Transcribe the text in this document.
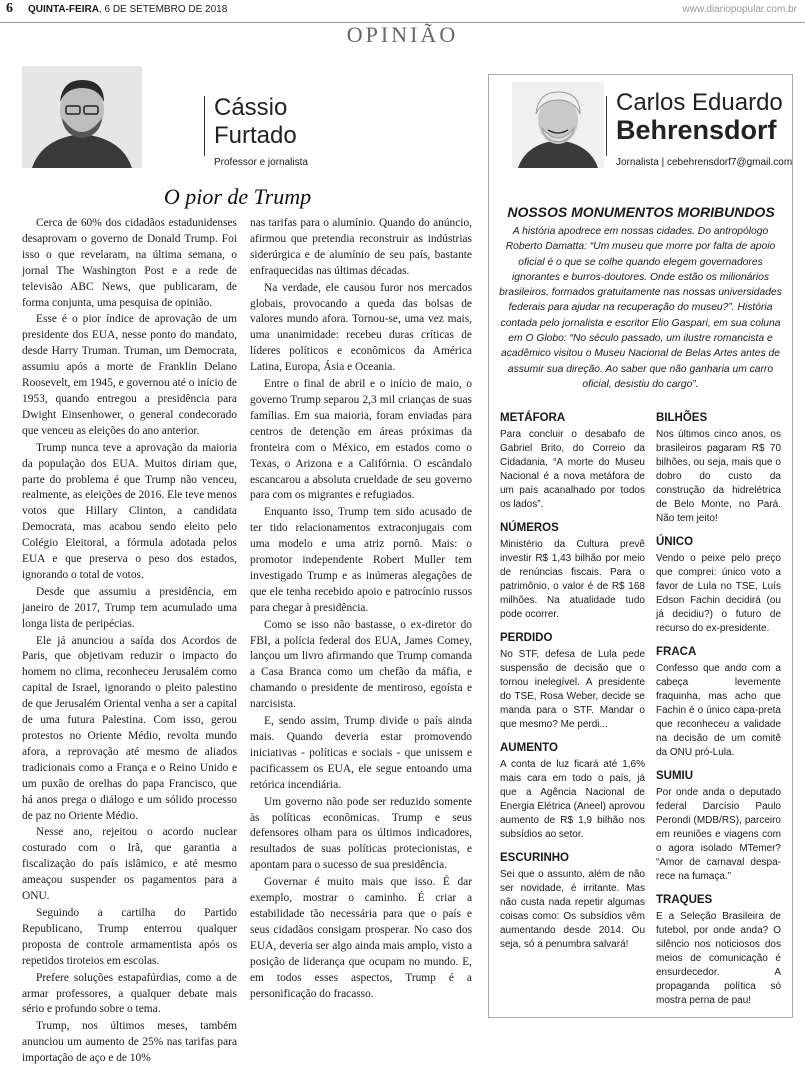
6 QUINTA-FEIRA, 6 DE SETEMBRO DE 2018	www.diariopopular.com.br
OPINIÃO
Cássio
Furtado
Professor e jornalista
O pior de Trump

Cerca de 60% dos cidadãos estadunidenses desaprovam o governo de Donald Trump. Foi isso o que revelaram, na última semana, o jornal The Washington Post e a rede de televisão ABC News, que publicaram, de forma conjunta, uma pesquisa de opinião.

Esse é o pior índice de aprovação de um presidente dos EUA, nesse ponto do mandato, desde Harry Truman. Truman, um Democrata, assumiu após a morte de Franklin Delano Roosevelt, em 1945, e governou até o início de 1953, quando entregou a presidência para Dwight Einsenhower, o general condecorado que venceu as eleições do ano anterior.

Trump nunca teve a aprovação da maioria da população dos EUA. Muitos diriam que, parte do problema é que Trump não venceu, realmente, as eleições de 2016. Ele teve menos votos que Hillary Clinton, a candidata Democrata, mas acabou sendo eleito pelo Colégio Eleitoral, a fórmula adotada pelos EUA e que preserva o peso dos estados, ignorando o total de votos.

Desde que assumiu a presidência, em janeiro de 2017, Trump tem acumulado uma longa lista de peripécias.

Ele já anunciou a saída dos Acordos de Paris, que objetivam reduzir o impacto do homem no clima, reconheceu Jerusalém como capital de Israel, ignorando o pleito palestino de que Jerusalém Oriental venha a ser a capital de uma futura Palestina. Com isso, gerou protestos no Oriente Médio, revolta mundo afora, a reprovação até mesmo de aliados tradicionais como a França e o Reino Unido e um puxão de orelhas do papa Francisco, que há anos prega o diálogo e um sólido processo de paz no Oriente Médio.

Nesse ano, rejeitou o acordo nuclear costurado com o Irã, que garantia a fiscalização do país islâmico, e até mesmo ameaçou suspender os pagamentos para a ONU.

Seguindo a cartilha do Partido Republicano, Trump enterrou qualquer proposta de controle armamentista após os repetidos tiroteios em escolas.

Prefere soluções estapafúrdias, como a de armar professores, a qualquer debate mais sério e profundo sobre o tema.

Trump, nos últimos meses, também anunciou um aumento de 25% nas tarifas para importação de aço e de 10%

nas tarifas para o alumínio. Quando do anúncio, afirmou que pretendia reconstruir as indústrias siderúrgica e de alumínio de seu país, bastante enfraquecidas nas últimas décadas.

Na verdade, ele causou furor nos mercados globais, provocando a queda das bolsas de valores mundo afora. Tornou-se, uma vez mais, uma unanimidade: recebeu duras críticas de líderes políticos e econômicos da América Latina, Europa, Ásia e Oceania.

Entre o final de abril e o início de maio, o governo Trump separou 2,3 mil crianças de suas famílias. Em sua maioria, foram enviadas para centros de detenção em áreas próximas da fronteira com o México, em estados como o Texas, o Arizona e a Califórnia. O escândalo escancarou a absoluta crueldade de seu governo para com os migrantes e refugiados.

Enquanto isso, Trump tem sido acusado de ter tido relacionamentos extraconjugais com uma modelo e uma atriz pornô. Mais: o promotor independente Robert Muller tem investigado Trump e as inúmeras alegações de que ele tenha recebido apoio e patrocínio russos para chegar à presidência.

Como se isso não bastasse, o ex-diretor do FBI, a polícia federal dos EUA, James Comey, lançou um livro afirmando que Trump comanda a Casa Branca como um chefão da máfia, e chamando o presidente de mentiroso, egoísta e narcisista.

E, sendo assim, Trump divide o país ainda mais. Quando deveria estar promovendo iniciativas - políticas e sociais - que unissem e pacificassem os EUA, ele segue entoando uma retórica incendiária.

Um governo não pode ser reduzido somente às políticas econômicas. Trump e seus defensores olham para os últimos indicadores, resultados de suas políticas protecionistas, e apontam para o sucesso de sua presidência.

Governar é muito mais que isso. É dar exemplo, mostrar o caminho. É criar a estabilidade tão necessária para que o país e seus cidadãos consigam prosperar. No caso dos EUA, deveria ser algo ainda mais amplo, visto a posição de liderança que ocupam no mundo. E, em todos esses aspectos, Trump é a personificação do fracasso.

Carlos Eduardo
Behrensdorf
Jornalista | cebehrensdorf7@gmail.com
NOSSOS MONUMENTOS MORIBUNDOS
A história apodrece em nossas cidades. Do antropólogo Roberto Damatta: “Um museu que morre por falta de apoio oficial é o que se colhe quando elegem governadores ignorantes e burros-doutores. Onde estão os milionários brasileiros, formados gratuitamente nas nossas universidades federais para ajudar na recuperação do museu?”. História contada pelo jornalista e escritor Elio Gaspari, em sua coluna em O Globo: “No século passado, um ilustre romancista e acadêmico visitou o Museu Nacional de Belas Artes antes de assumir sua direção. Ao saber que não ganharia um carro oficial, desistiu do cargo”.
METÁFORA

Para concluir o desabafo de Gabriel Brito, do Correio da Cidadania, “A morte do Museu Nacional é a nova metáfora de um país acanalhado por todos os lados”.

NÚMEROS

Ministério da Cultura prevê investir R$ 1,43 bilhão por meio de renúncias fiscais. Para o patrimônio, o valor é de R$ 168 milhões. Na atualidade tudo pode ocorrer.

PERDIDO

No STF, defesa de Lula pede suspensão de decisão que o tornou inelegível. A presidente do TSE, Rosa Weber, decide se manda para o STF. Mandar o que mesmo? Me perdi...

AUMENTO

A conta de luz ficará até 1,6% mais cara em todo o país, já que a Agência Nacional de Energia Elétrica (Aneel) aprovou aumento de R$ 1,9 bilhão nos subsídios ao setor.

ESCURINHO

Sei que o assunto, além de não ser novidade, é irritante. Mas não custa nada repetir algumas coisas como: Os subsídios vêm aumentando desde 2014. Ou seja, só a penumbra salvará!

BILHÕES

Nos últimos cinco anos, os brasileiros pagaram R$ 70 bilhões, ou seja, mais que o dobro do custo da construção da hidrelétrica de Belo Monte, no Pará. Não tem jeito!

ÚNICO

Vendo o peixe pelo preço que comprei: único voto a favor de Lula no TSE, Luís Edson Fachin decidirá (ou já decidiu?) o futuro de recurso do ex-presidente.

FRACA

Confesso que ando com a cabeça levemente fraquinha, mas acho que Fachin é o único capa-preta que reconheceu a validade na decisão de um comitê da ONU pró-Lula.

SUMIU

Por onde anda o deputado federal Darcísio Paulo Perondi (MDB/RS), parceiro em reuniões e viagens com o agora isolado MTemer? “Amor de carnaval desparece na fumaça.”

TRAQUES

E a Seleção Brasileira de futebol, por onde anda? O silêncio nos noticiosos dos meios de comunicação é ensurdecedor. A propaganda política só mostra perna de pau!
